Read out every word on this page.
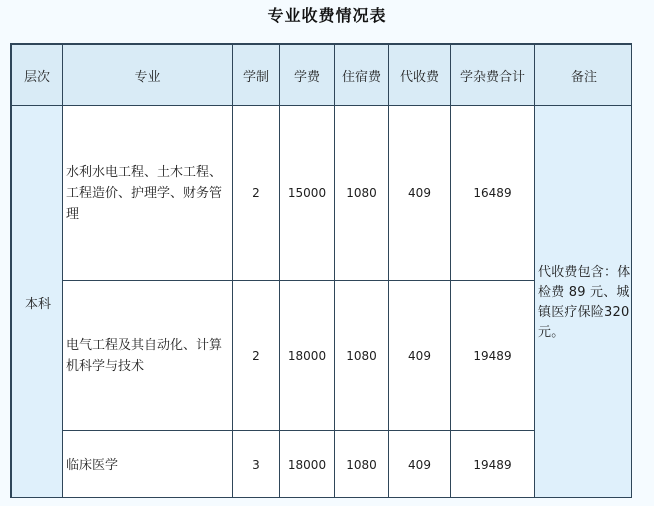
专业收费情况表
层次	专业	学制	学费	住宿费	代收费	学杂费合计	备注
本科	水利水电工程、土木工程、工程造价、护理学、财务管理	2	15000	1080	409	16489	代收费包含：体检费 89 元、城镇医疗保险320 元。
	电气工程及其自动化、计算机科学与技术	2	18000	1080	409	19489	
	临床医学	3	18000	1080	409	19489	
